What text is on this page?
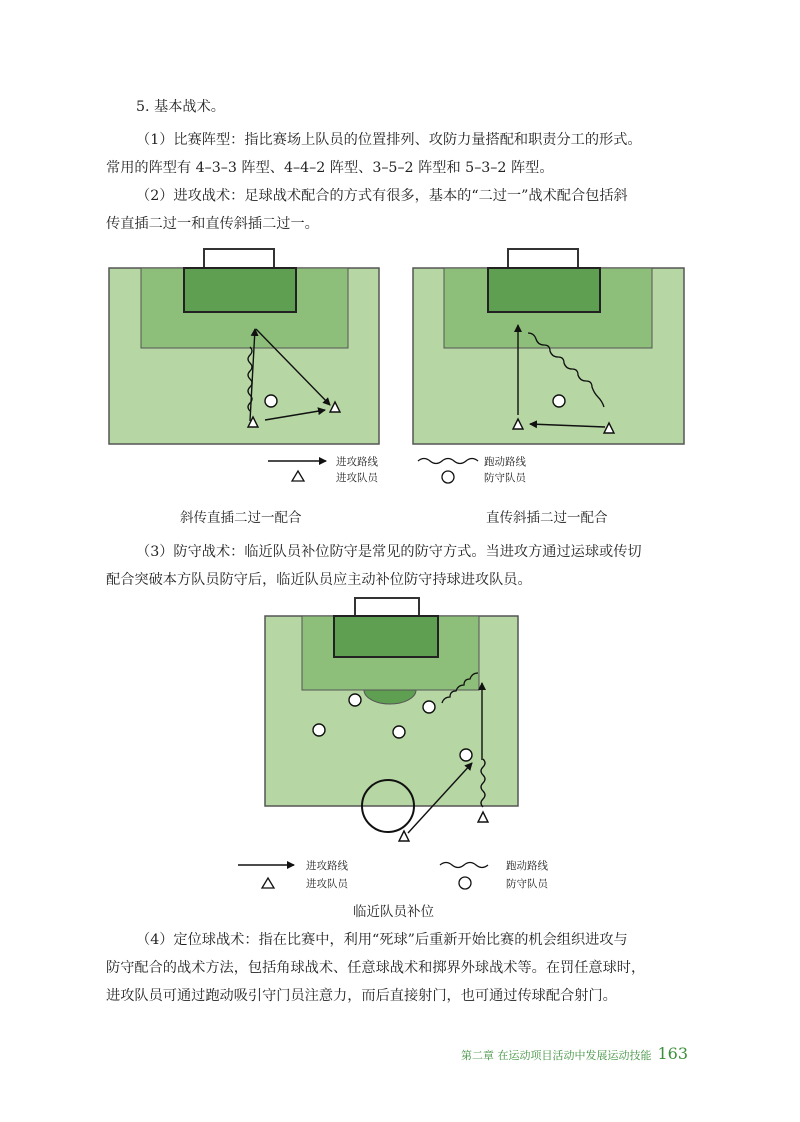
5. 基本战术。

（1）比赛阵型：指比赛场上队员的位置排列、攻防力量搭配和职责分工的形式。
常用的阵型有 4–3–3 阵型、4–4–2 阵型、3–5–2 阵型和 5–3–2 阵型。
（2）进攻战术：足球战术配合的方式有很多，基本的“二过一”战术配合包括斜
传直插二过一和直传斜插二过一。
进攻路线
进攻队员
跑动路线
防守队员
斜传直插二过一配合	直传斜插二过一配合
（3）防守战术：临近队员补位防守是常见的防守方式。当进攻方通过运球或传切
配合突破本方队员防守后，临近队员应主动补位防守持球进攻队员。
进攻路线
进攻队员
跑动路线
防守队员
临近队员补位
（4）定位球战术：指在比赛中，利用“死球”后重新开始比赛的机会组织进攻与
防守配合的战术方法，包括角球战术、任意球战术和掷界外球战术等。在罚任意球时，
进攻队员可通过跑动吸引守门员注意力，而后直接射门，也可通过传球配合射门。
第二章 在运动项目活动中发展运动技能 163
